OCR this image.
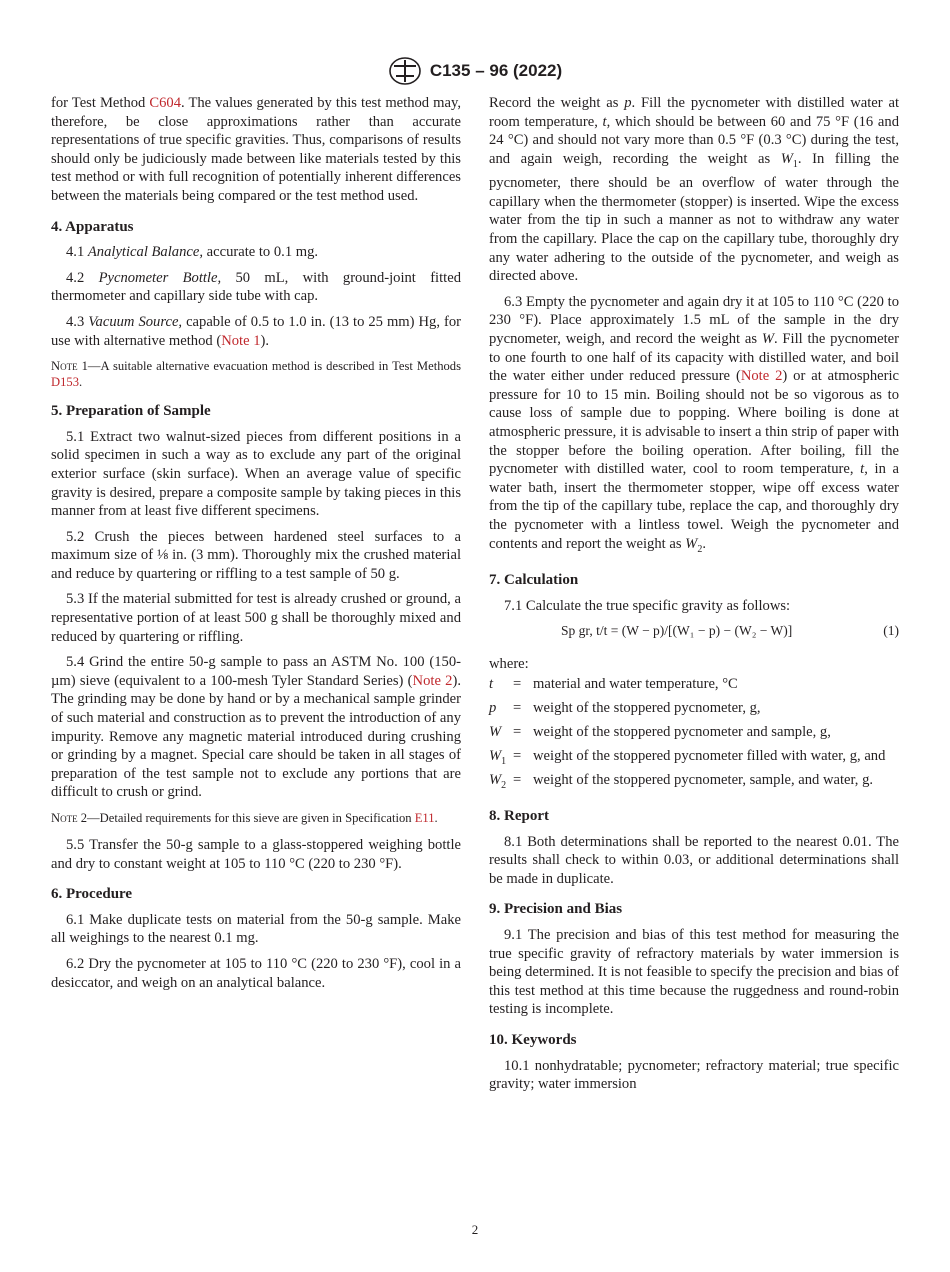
C135 – 96 (2022)

for Test Method C604. The values generated by this test method may, therefore, be close approximations rather than accurate representations of true specific gravities. Thus, comparisons of results should only be judiciously made between like materials tested by this test method or with full recognition of potentially inherent differences between the materials being compared or the test method used.

4. Apparatus

4.1 Analytical Balance, accurate to 0.1 mg.

4.2 Pycnometer Bottle, 50 mL, with ground-joint fitted thermometer and capillary side tube with cap.

4.3 Vacuum Source, capable of 0.5 to 1.0 in. (13 to 25 mm) Hg, for use with alternative method (Note 1).

Note 1—A suitable alternative evacuation method is described in Test Methods D153.
5. Preparation of Sample

5.1 Extract two walnut-sized pieces from different positions in a solid specimen in such a way as to exclude any part of the original exterior surface (skin surface). When an average value of specific gravity is desired, prepare a composite sample by taking pieces in this manner from at least five different specimens.

5.2 Crush the pieces between hardened steel surfaces to a maximum size of ⅛ in. (3 mm). Thoroughly mix the crushed material and reduce by quartering or riffling to a test sample of 50 g.

5.3 If the material submitted for test is already crushed or ground, a representative portion of at least 500 g shall be thoroughly mixed and reduced by quartering or riffling.

5.4 Grind the entire 50-g sample to pass an ASTM No. 100 (150-µm) sieve (equivalent to a 100-mesh Tyler Standard Series) (Note 2). The grinding may be done by hand or by a mechanical sample grinder of such material and construction as to prevent the introduction of any impurity. Remove any magnetic material introduced during crushing or grinding by a magnet. Special care should be taken in all stages of preparation of the test sample not to exclude any portions that are difficult to crush or grind.

Note 2—Detailed requirements for this sieve are given in Specification E11.

5.5 Transfer the 50-g sample to a glass-stoppered weighing bottle and dry to constant weight at 105 to 110 °C (220 to 230 °F).

6. Procedure

6.1 Make duplicate tests on material from the 50-g sample. Make all weighings to the nearest 0.1 mg.

6.2 Dry the pycnometer at 105 to 110 °C (220 to 230 °F), cool in a desiccator, and weigh on an analytical balance.

Record the weight as p. Fill the pycnometer with distilled water at room temperature, t, which should be between 60 and 75 °F (16 and 24 °C) and should not vary more than 0.5 °F (0.3 °C) during the test, and again weigh, recording the weight as $W_1$. In filling the pycnometer, there should be an overflow of water through the capillary when the thermometer (stopper) is inserted. Wipe the excess water from the tip in such a manner as not to withdraw any water from the capillary. Place the cap on the capillary tube, thoroughly dry any water adhering to the outside of the pycnometer, and weigh as directed above.

6.3 Empty the pycnometer and again dry it at 105 to 110 °C (220 to 230 °F). Place approximately 1.5 mL of the sample in the dry pycnometer, weigh, and record the weight as W. Fill the pycnometer to one fourth to one half of its capacity with distilled water, and boil the water either under reduced pressure (Note 2) or at atmospheric pressure for 10 to 15 min. Boiling should not be so vigorous as to cause loss of sample due to popping. Where boiling is done at atmospheric pressure, it is advisable to insert a thin strip of paper with the stopper before the boiling operation. After boiling, fill the pycnometer with distilled water, cool to room temperature, t, in a water bath, insert the thermometer stopper, wipe off excess water from the tip of the capillary tube, replace the cap, and thoroughly dry the pycnometer with a lintless towel. Weigh the pycnometer and contents and report the weight as $W_2$.

7. Calculation

7.1 Calculate the true specific gravity as follows:

Sp gr, t/t = (W − p)/[(W₁ − p) − (W₂ − W)]	(1)
where:
t	= material and water temperature, °C
p	= weight of the stoppered pycnometer, g,
W = weight of the stoppered pycnometer and sample, g,
$W_1$ = weight of the stoppered pycnometer filled with water, g, and
$W_2$ = weight of the stoppered pycnometer, sample, and water, g.
8. Report

8.1 Both determinations shall be reported to the nearest 0.01. The results shall check to within 0.03, or additional determinations shall be made in duplicate.

9. Precision and Bias

9.1 The precision and bias of this test method for measuring the true specific gravity of refractory materials by water immersion is being determined. It is not feasible to specify the precision and bias of this test method at this time because the ruggedness and round-robin testing is incomplete.

10. Keywords

10.1 nonhydratable; pycnometer; refractory material; true specific gravity; water immersion

2
